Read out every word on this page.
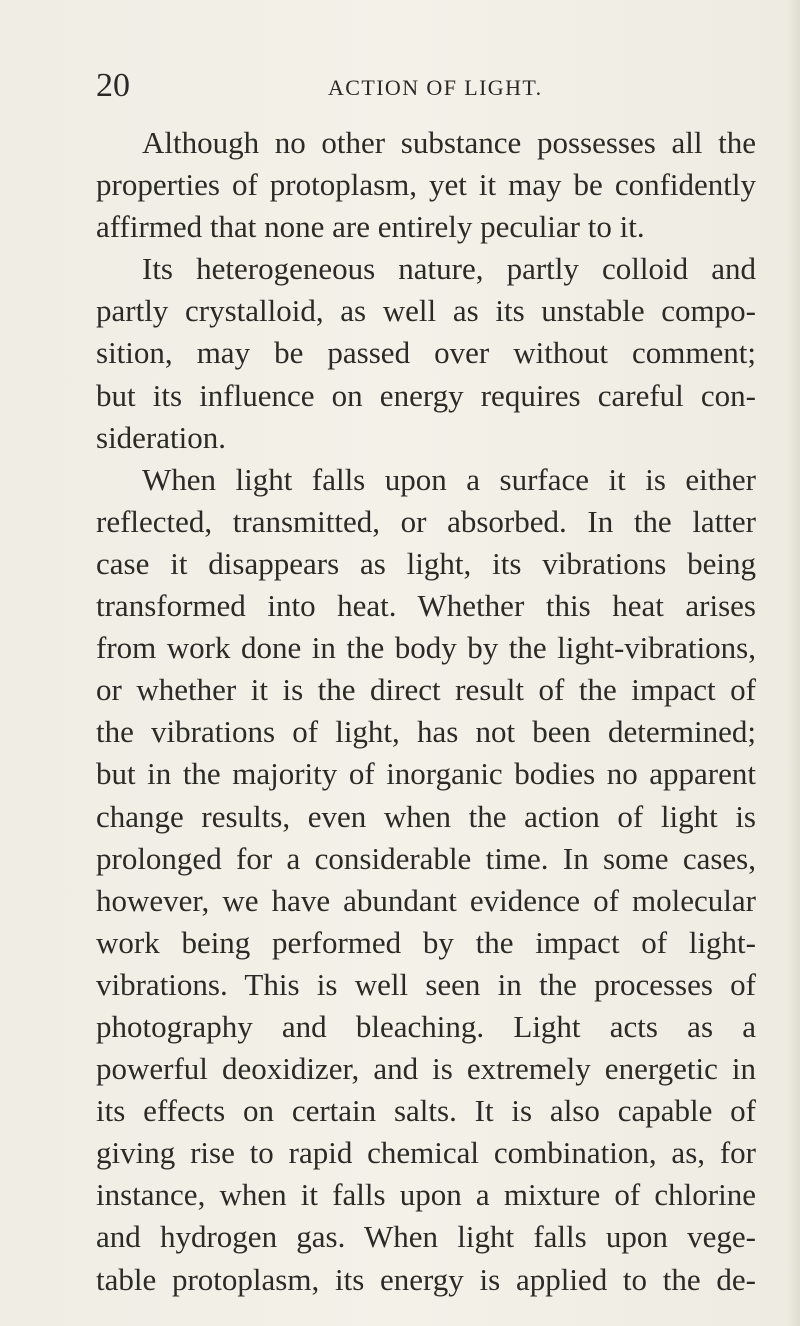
20	ACTION OF LIGHT.
Although no other substance possesses all the
properties of protoplasm, yet it may be confidently
affirmed that none are entirely peculiar to it.
Its heterogeneous nature, partly colloid and
partly crystalloid, as well as its unstable compo-
sition, may be passed over without comment;
but its influence on energy requires careful con-
sideration.
When light falls upon a surface it is either
reflected, transmitted, or absorbed. In the latter
case it disappears as light, its vibrations being
transformed into heat. Whether this heat arises
from work done in the body by the light-vibrations,
or whether it is the direct result of the impact of
the vibrations of light, has not been determined;
but in the majority of inorganic bodies no apparent
change results, even when the action of light is
prolonged for a considerable time. In some cases,
however, we have abundant evidence of molecular
work being performed by the impact of light-
vibrations. This is well seen in the processes of
photography and bleaching. Light acts as a
powerful deoxidizer, and is extremely energetic in
its effects on certain salts. It is also capable of
giving rise to rapid chemical combination, as, for
instance, when it falls upon a mixture of chlorine
and hydrogen gas. When light falls upon vege-
table protoplasm, its energy is applied to the de-
